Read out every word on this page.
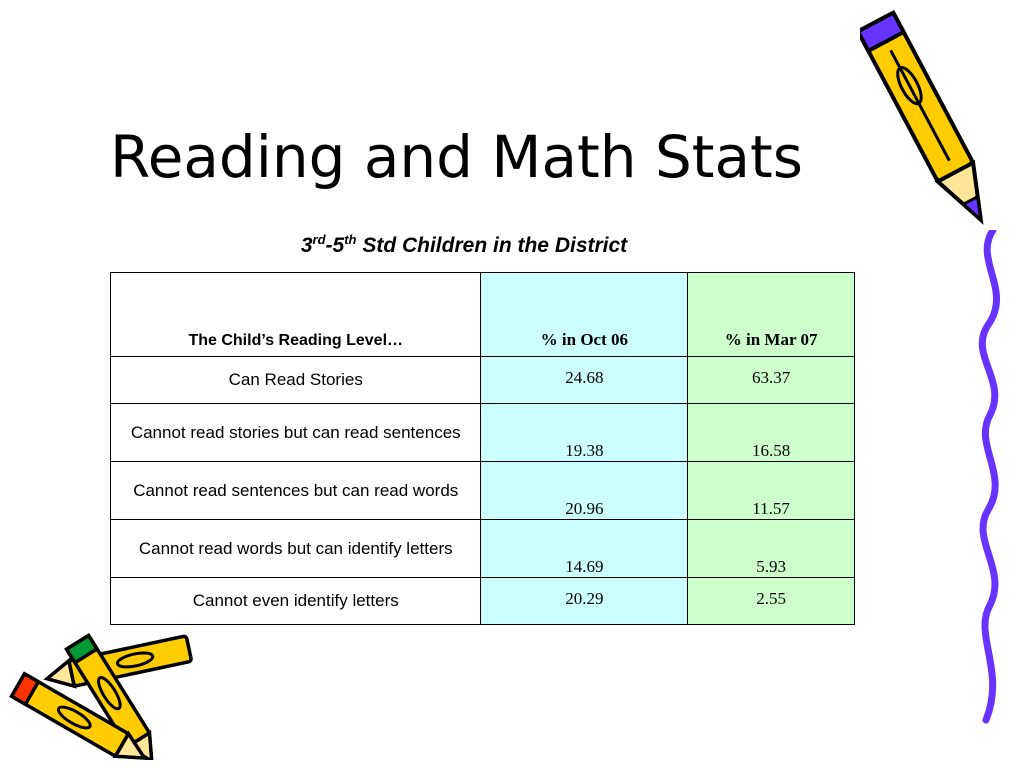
Reading and Math Stats
3rd-5th Std Children in the District
The Child’s Reading Level…	% in Oct 06	% in Mar 07
Can Read Stories	24.68	63.37
Cannot read stories but can read sentences	19.38	16.58
Cannot read sentences but can read words	20.96	11.57
Cannot read words but can identify letters	14.69	5.93
Cannot even identify letters	20.29	2.55
